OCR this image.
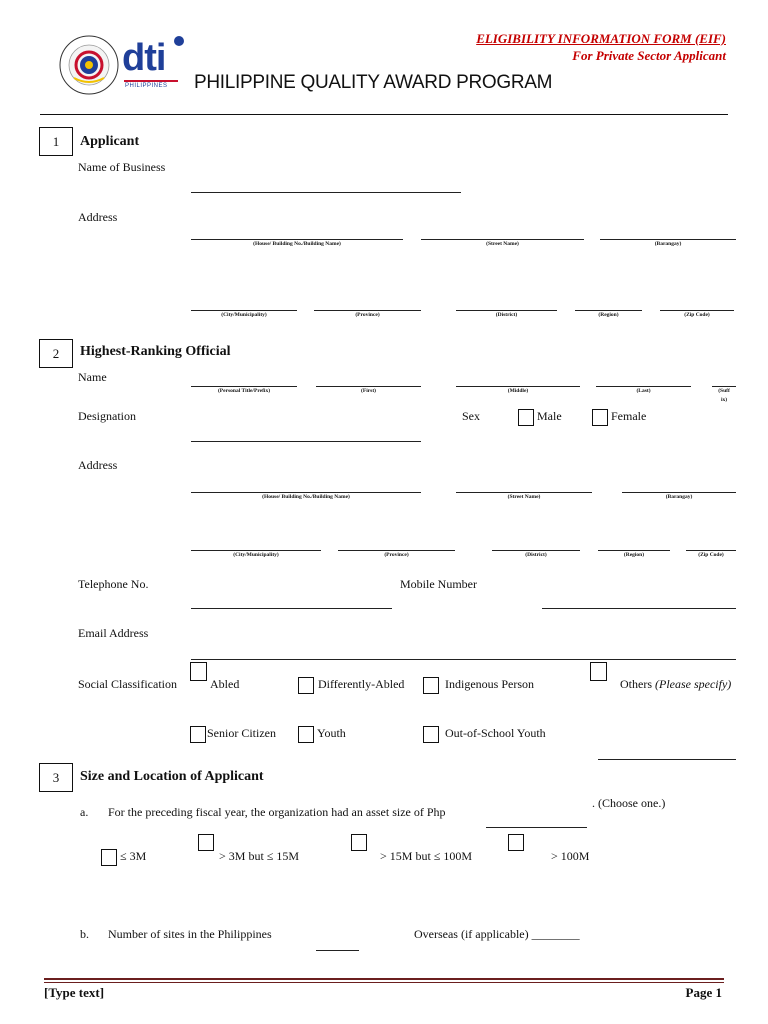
dti
PHILIPPINES
ELIGIBILITY INFORMATION FORM (EIF)
For Private Sector Applicant
PHILIPPINE QUALITY AWARD PROGRAM
1	Applicant
Name of Business
Address
(House/ Building No./Building Name)	(Street Name)	(Barangay)
(City/Municipality)	(Province)	(District)	(Region)	(Zip Code)
2	Highest-Ranking Official
Name
(Personal Title/Prefix)	(First)	(Middle)	(Last)	(Suff
ix)
Designation	Sex	Male	Female
Address
(House/ Building No./Building Name)	(Street Name)	(Barangay)
(City/Municipality)	(Province)	(District)	(Region)	(Zip Code)
Telephone No.	Mobile Number
Email Address
Social Classification	Abled	Differently-Abled	Indigenous Person	Others (Please specify)
Senior Citizen	Youth	Out-of-School Youth
3	Size and Location of Applicant
a. For the preceding fiscal year, the organization had an asset size of Php
. (Choose one.)
≤ 3M	> 3M but ≤ 15M	> 15M but ≤ 100M	> 100M
b. Number of sites in the Philippines	Overseas (if applicable) ________
[Type text]	Page 1
